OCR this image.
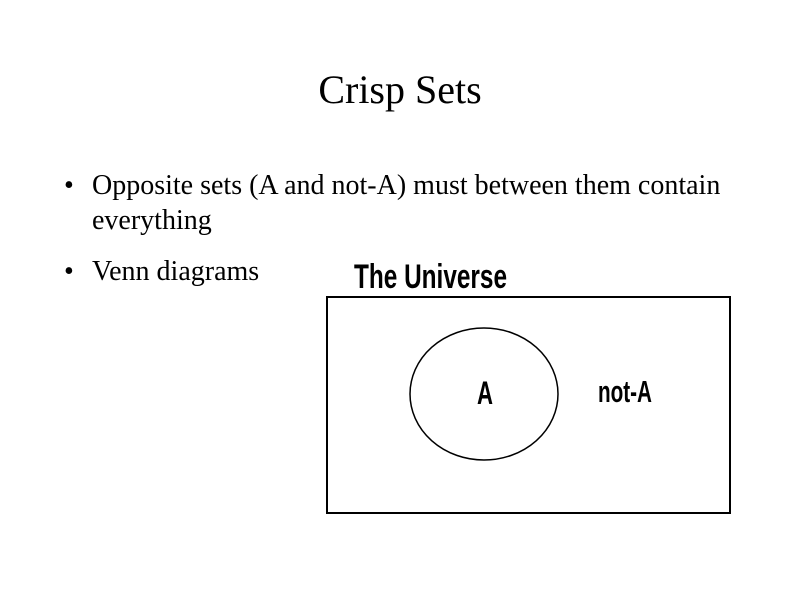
Crisp Sets
• Opposite sets (A and not-A) must between them contain everything
• Venn diagrams	The Universe
A	not-A
